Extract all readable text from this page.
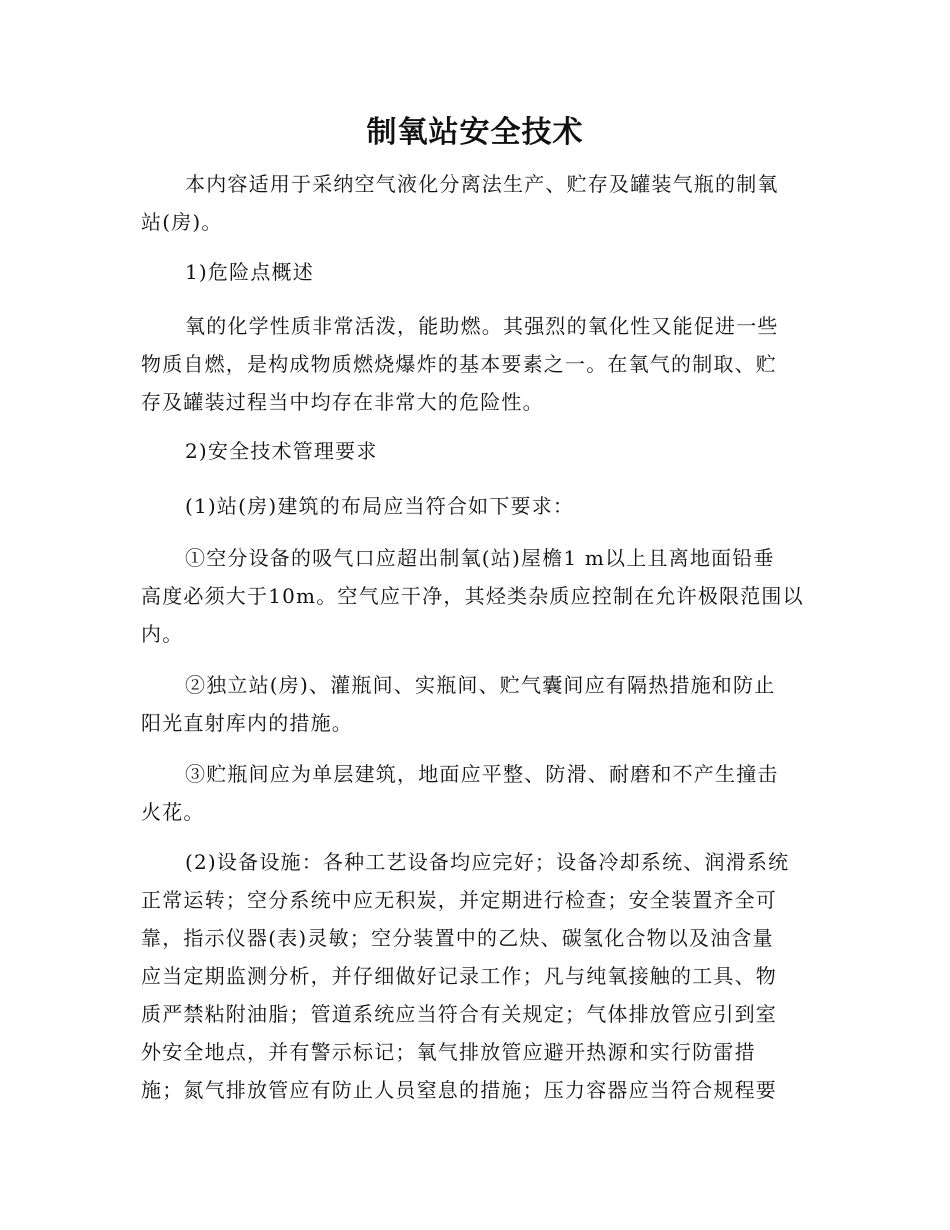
制氧站安全技术
本内容适用于采纳空气液化分离法生产、贮存及罐装气瓶的制氧
站(房)。
1)危险点概述
氧的化学性质非常活泼，能助燃。其强烈的氧化性又能促进一些
物质自燃，是构成物质燃烧爆炸的基本要素之一。在氧气的制取、贮
存及罐装过程当中均存在非常大的危险性。
2)安全技术管理要求
(1)站(房)建筑的布局应当符合如下要求：
①空分设备的吸气口应超出制氧(站)屋檐1 m以上且离地面铅垂
高度必须大于10m。空气应干净，其烃类杂质应控制在允许极限范围以
内。
②独立站(房)、灌瓶间、实瓶间、贮气囊间应有隔热措施和防止
阳光直射库内的措施。
③贮瓶间应为单层建筑，地面应平整、防滑、耐磨和不产生撞击
火花。
(2)设备设施：各种工艺设备均应完好；设备冷却系统、润滑系统
正常运转；空分系统中应无积炭，并定期进行检查；安全装置齐全可
靠，指示仪器(表)灵敏；空分装置中的乙炔、碳氢化合物以及油含量
应当定期监测分析，并仔细做好记录工作；凡与纯氧接触的工具、物
质严禁粘附油脂；管道系统应当符合有关规定；气体排放管应引到室
外安全地点，并有警示标记；氧气排放管应避开热源和实行防雷措
施；氮气排放管应有防止人员窒息的措施；压力容器应当符合规程要
